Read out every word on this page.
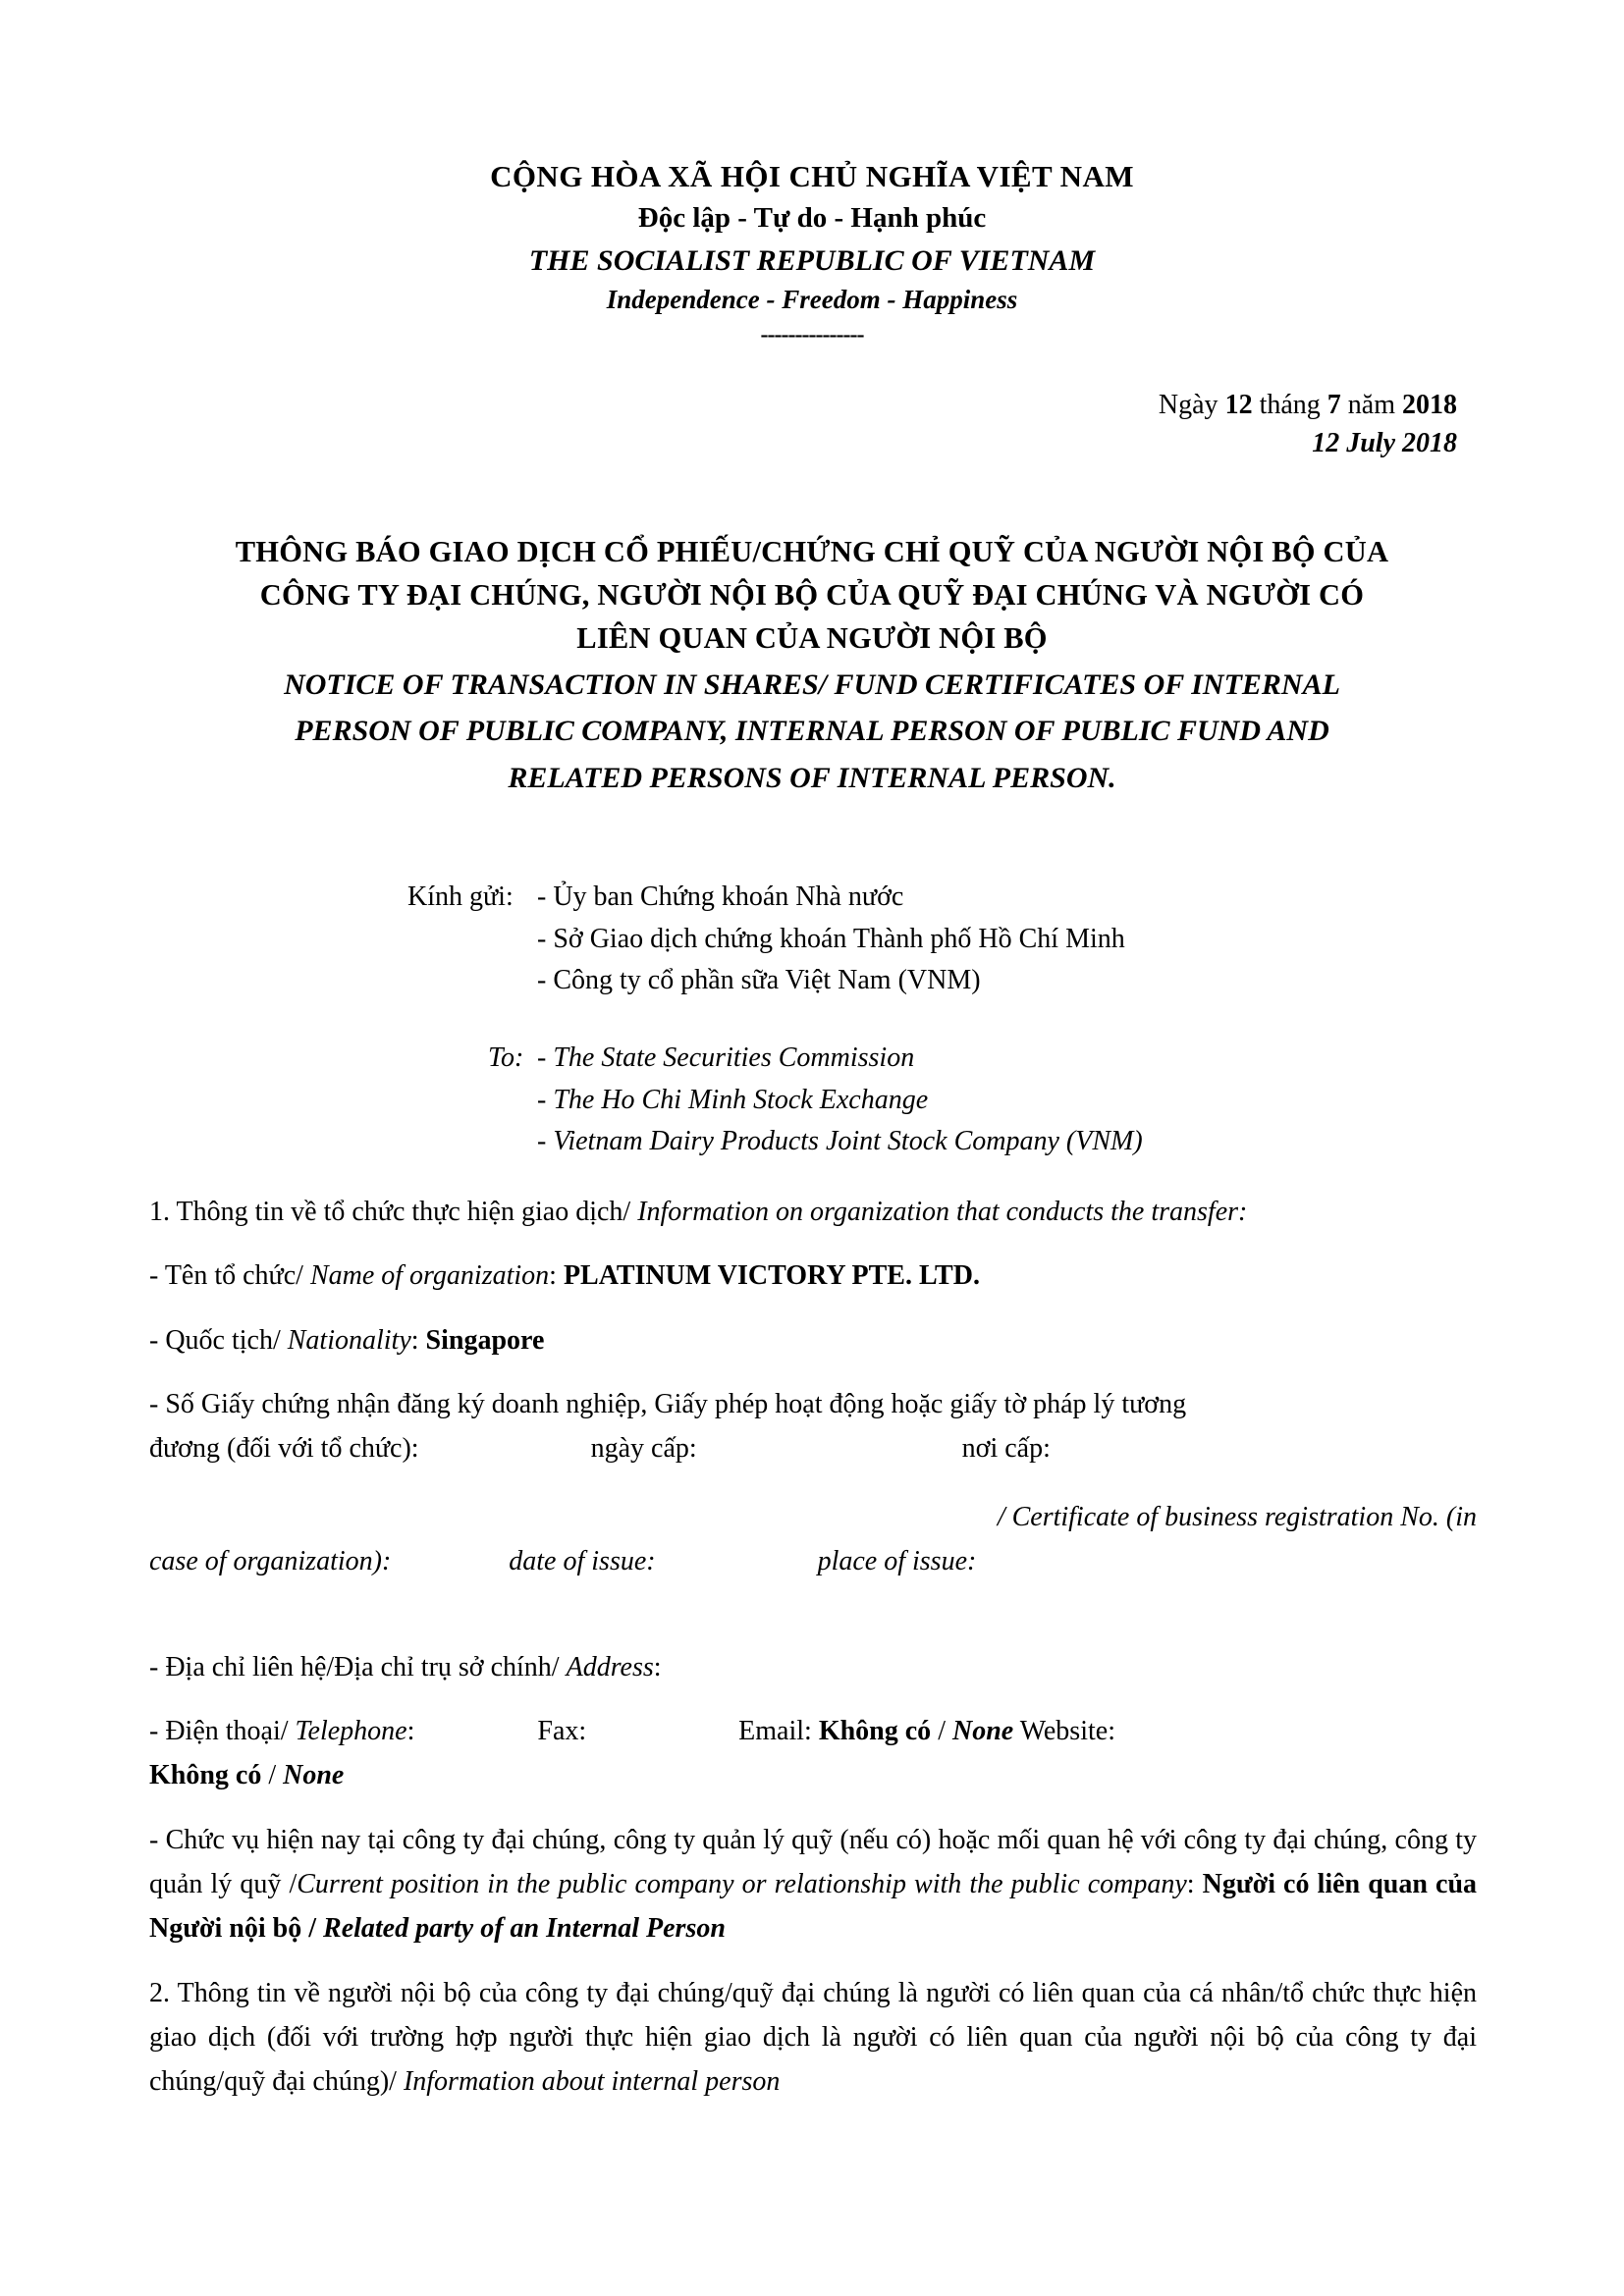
CỘNG HÒA XÃ HỘI CHỦ NGHĨA VIỆT NAM
Độc lập - Tự do - Hạnh phúc
THE SOCIALIST REPUBLIC OF VIETNAM
Independence - Freedom - Happiness
---------------
Ngày 12 tháng 7 năm 2018
12 July 2018
THÔNG BÁO GIAO DỊCH CỔ PHIẾU/CHỨNG CHỈ QUỸ CỦA NGƯỜI NỘI BỘ CỦA
CÔNG TY ĐẠI CHÚNG, NGƯỜI NỘI BỘ CỦA QUỸ ĐẠI CHÚNG VÀ NGƯỜI CÓ
LIÊN QUAN CỦA NGƯỜI NỘI BỘ
NOTICE OF TRANSACTION IN SHARES/ FUND CERTIFICATES OF INTERNAL
PERSON OF PUBLIC COMPANY, INTERNAL PERSON OF PUBLIC FUND AND
RELATED PERSONS OF INTERNAL PERSON.
Kính gửi: - Ủy ban Chứng khoán Nhà nước
- Sở Giao dịch chứng khoán Thành phố Hồ Chí Minh
- Công ty cổ phần sữa Việt Nam (VNM)
To: - The State Securities Commission
- The Ho Chi Minh Stock Exchange
- Vietnam Dairy Products Joint Stock Company (VNM)

1. Thông tin về tổ chức thực hiện giao dịch/ Information on organization that conducts the transfer:

- Tên tổ chức/ Name of organization: PLATINUM VICTORY PTE. LTD.

- Quốc tịch/ Nationality: Singapore

- Số Giấy chứng nhận đăng ký doanh nghiệp, Giấy phép hoạt động hoặc giấy tờ pháp lý tương

đương (đối với tổ chức):	ngày cấp:	nơi cấp:

/ Certificate of business registration No. (in

case of organization):	date of issue:	place of issue:

- Địa chỉ liên hệ/Địa chỉ trụ sở chính/ Address:

- Điện thoại/ Telephone:	Fax:	Email: Không có / None Website:

Không có / None

- Chức vụ hiện nay tại công ty đại chúng, công ty quản lý quỹ (nếu có) hoặc mối quan hệ với công ty đại chúng, công ty quản lý quỹ /Current position in the public company or relationship with the public company: Người có liên quan của Người nội bộ / Related party of an Internal Person

2. Thông tin về người nội bộ của công ty đại chúng/quỹ đại chúng là người có liên quan của cá nhân/tổ chức thực hiện giao dịch (đối với trường hợp người thực hiện giao dịch là người có liên quan của người nội bộ của công ty đại chúng/quỹ đại chúng)/ Information about internal person
